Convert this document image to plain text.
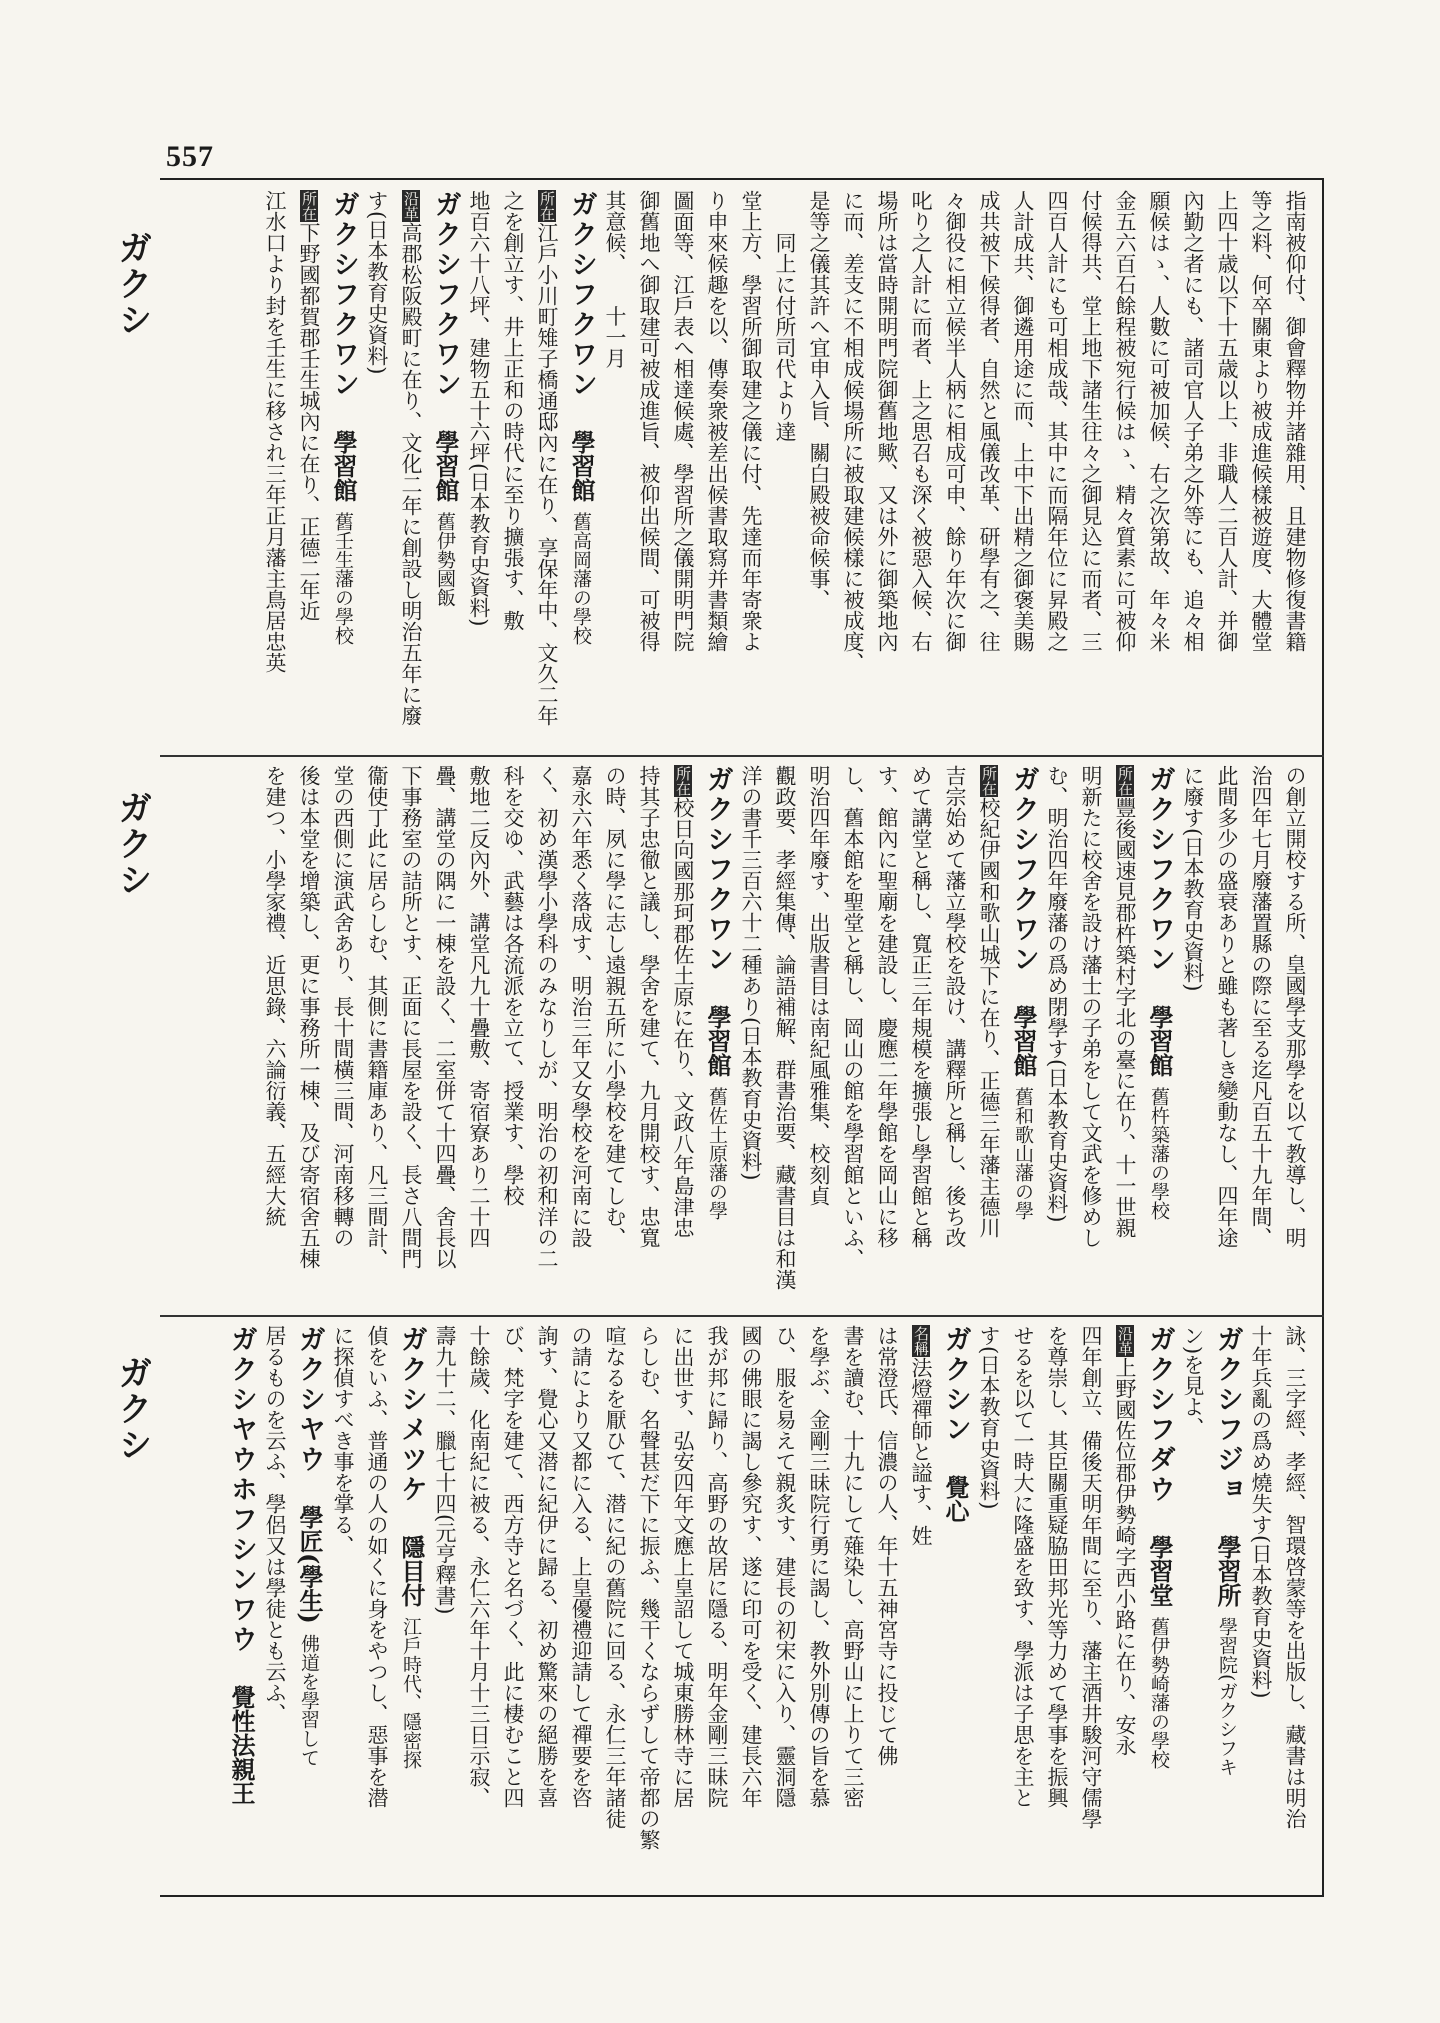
557
ガクシ
ガクシ
ガクシ
指南被仰付、御會釋物并諸雜用、且建物修復書籍
等之料、何卒關東より被成進候樣被遊度、大體堂
上四十歳以下十五歳以上、非職人二百人計、并御
內勤之者にも、諸司官人子弟之外等にも、追々相
願候はゝ、人數に可被加候、右之次第故、年々米
金五六百石餘程被宛行候はゝ、精々質素に可被仰
付候得共、堂上地下諸生往々之御見込に而者、三
四百人計にも可相成哉、其中に而隔年位に昇殿之
人計成共、御遴用途に而、上中下出精之御褒美賜
成共被下候得者、自然と風儀改革、研學有之、往
々御役に相立候半人柄に相成可申、餘り年次に御
叱り之人計に而者、上之思召も深く被惡入候、右
場所は當時開明門院御舊地歟、又は外に御築地內
に而、差支に不相成候場所に被取建候樣に被成度、
是等之儀其許へ宜申入旨、關白殿被命候事、
　　同上に付所司代より達
堂上方、學習所御取建之儀に付、先達而年寄衆よ
り申來候趣を以、傳奏衆被差出候書取寫并書類繪
圖面等、江戶表へ相達候處、學習所之儀開明門院
御舊地へ御取建可被成進旨、被仰出候間、可被得
其意候、　　十一月
ガクシフクワン學習館舊高岡藩の學校
所在江戶小川町雉子橋通邸內に在り、享保年中、文久二年
之を創立す、井上正和の時代に至り擴張す、敷
地百六十八坪、建物五十六坪(日本教育史資料)
ガクシフクワン學習館舊伊勢國飯
沿革高郡松阪殿町に在り、文化二年に創設し明治五年に廢
す(日本教育史資料)
ガクシフクワン學習館舊壬生藩の學校
所在下野國都賀郡壬生城內に在り、正德二年近
江水口より封を壬生に移され三年正月藩主鳥居忠英
の創立開校する所、皇國學支那學を以て教導し、明
治四年七月廢藩置縣の際に至る迄凡百五十九年間、
此間多少の盛衰ありと雖も著しき變動なし、四年途
に廢す(日本教育史資料)
ガクシフクワン學習館舊杵築藩の學校
所在豐後國速見郡杵築村字北の臺に在り、十一世親
明新たに校舍を設け藩士の子弟をして文武を修めし
む、明治四年廢藩の爲め閉學す(日本教育史資料)
ガクシフクワン學習館舊和歌山藩の學
所在校紀伊國和歌山城下に在り、正德三年藩主德川
吉宗始めて藩立學校を設け、講釋所と稱し、後ち改
めて講堂と稱し、寬正三年規模を擴張し學習館と稱
す、館內に聖廟を建設し、慶應二年學館を岡山に移
し、舊本館を聖堂と稱し、岡山の館を學習館といふ、
明治四年廢す、出版書目は南紀風雅集、校刻貞
觀政要、孝經集傳、論語補解、群書治要、藏書目は和漢
洋の書千三百六十二種あり(日本教育史資料)
ガクシフクワン學習館舊佐土原藩の學
所在校日向國那珂郡佐土原に在り、文政八年島津忠
持其子忠徹と議し、學舍を建て、九月開校す、忠寬
の時、夙に學に志し遠親五所に小學校を建てしむ、
嘉永六年悉く落成す、明治三年又女學校を河南に設
く、初め漢學小學科のみなりしが、明治の初和洋の二
科を交ゆ、武藝は各流派を立て、授業す、學校
敷地二反內外、講堂凡九十疊敷、寄宿寮あり二十四
疊、講堂の隅に一棟を設く、二室併て十四疊、舍長以
下事務室の詰所とす、正面に長屋を設く、長さ八間門
衞使丁此に居らしむ、其側に書籍庫あり、凡三間計、
堂の西側に演武舍あり、長十間橫三間、河南移轉の
後は本堂を增築し、更に事務所一棟、及び寄宿舍五棟
を建つ、小學家禮、近思錄、六論衍義、五經大統
詠、三字經、孝經、智環啓蒙等を出版し、藏書は明治
十年兵亂の爲め燒失す(日本教育史資料)
ガクシフジョ學習所學習院(ガクシフキ
ン)を見よ、
ガクシフダウ學習堂舊伊勢崎藩の學校
沿革上野國佐位郡伊勢崎字西小路に在り、安永
四年創立、備後天明年間に至り、藩主酒井駿河守儒學
を尊崇し、其臣關重疑脇田邦光等力めて學事を振興
せるを以て一時大に隆盛を致す、學派は子思を主と
す(日本教育史資料)
ガクシン覺心
名稱法燈禪師と謚す、姓
は常澄氏、信濃の人、年十五神宮寺に投じて佛
書を讀む、十九にして薙染し、高野山に上りて三密
を學ぶ、金剛三昧院行勇に謁し、教外別傳の旨を慕
ひ、服を易えて親炙す、建長の初宋に入り、靈洞隱
國の佛眼に謁し參究す、遂に印可を受く、建長六年
我が邦に歸り、高野の故居に隱る、明年金剛三昧院
に出世す、弘安四年文應上皇詔して城東勝林寺に居
らしむ、名聲甚だ下に振ふ、幾干くならずして帝都の繁
喧なるを厭ひて、潜に紀の舊院に回る、永仁三年諸徒
の請により又都に入る、上皇優禮迎請して禪要を咨
詢す、覺心又潜に紀伊に歸る、初め驚來の絕勝を喜
び、梵字を建て、西方寺と名づく、此に棲むこと四
十餘歲、化南紀に被る、永仁六年十月十三日示寂、
壽九十二、臘七十四(元亨釋書)
ガクシメツケ隱目付江戶時代、隱密探
偵をいふ、普通の人の如くに身をやつし、惡事を潜
に探偵すべき事を掌る、
ガクシヤウ學匠(學生)佛道を學習して
居るものを云ふ、學侶又は學徒とも云ふ、
ガクシヤウホフシンワウ覺性法親王
